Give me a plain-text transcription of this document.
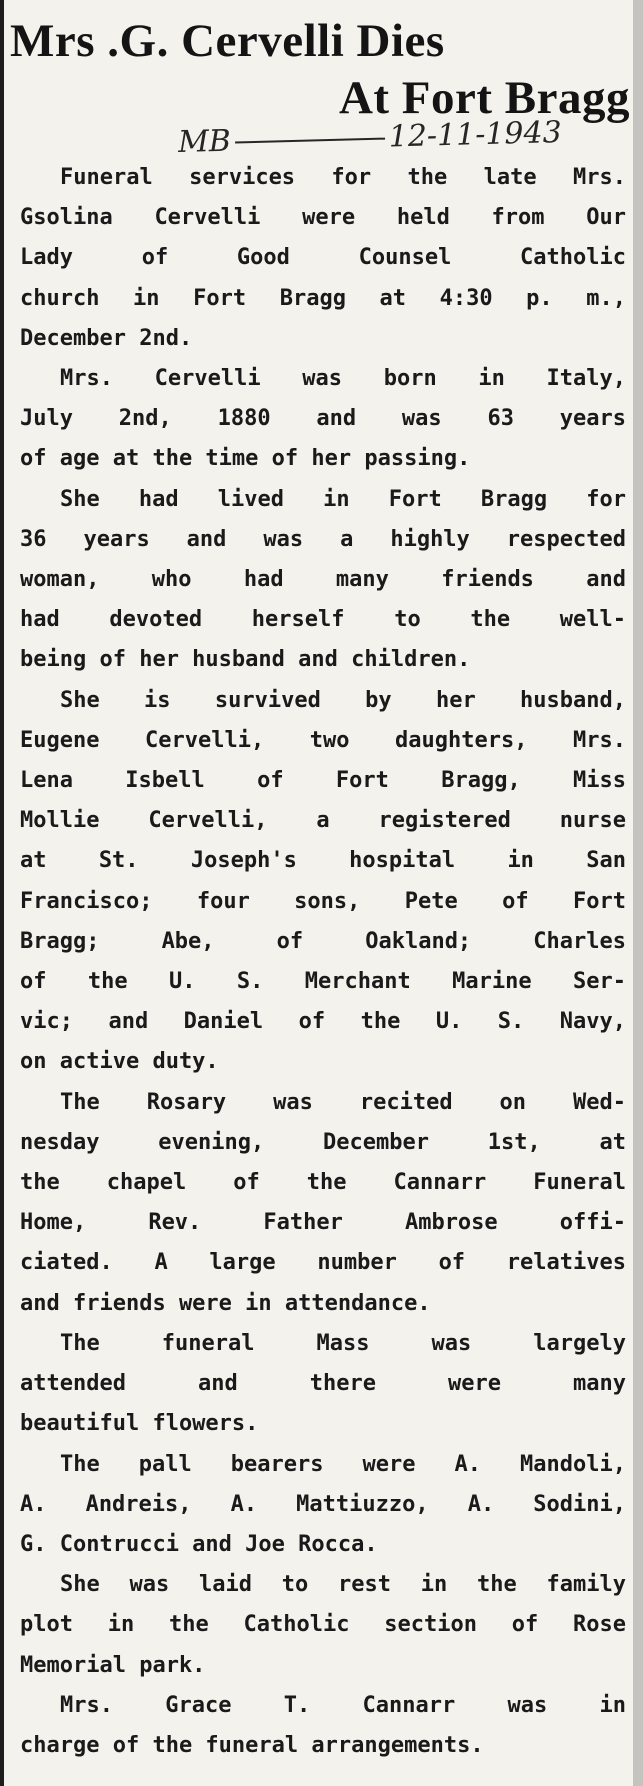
Mrs .G. Cervelli Dies
At Fort Bragg
MB	12-11-1943
Funeral services for the late Mrs.
Gsolina Cervelli were held from Our
Lady of Good Counsel Catholic
church in Fort Bragg at 4:30 p. m.,
December 2nd.
Mrs. Cervelli was born in Italy,
July 2nd, 1880 and was 63 years
of age at the time of her passing.
She had lived in Fort Bragg for
36 years and was a highly respected
woman, who had many friends and
had devoted herself to the well-
being of her husband and children.
She is survived by her husband,
Eugene Cervelli, two daughters, Mrs.
Lena Isbell of Fort Bragg, Miss
Mollie Cervelli, a registered nurse
at St. Joseph's hospital in San
Francisco; four sons, Pete of Fort
Bragg; Abe, of Oakland; Charles
of the U. S. Merchant Marine Ser-
vic; and Daniel of the U. S. Navy,
on active duty.
The Rosary was recited on Wed-
nesday evening, December 1st, at
the chapel of the Cannarr Funeral
Home, Rev. Father Ambrose offi-
ciated. A large number of relatives
and friends were in attendance.
The funeral Mass was largely
attended and there were many
beautiful flowers.
The pall bearers were A. Mandoli,
A. Andreis, A. Mattiuzzo, A. Sodini,
G. Contrucci and Joe Rocca.
She was laid to rest in the family
plot in the Catholic section of Rose
Memorial park.
Mrs. Grace T. Cannarr was in
charge of the funeral arrangements.
